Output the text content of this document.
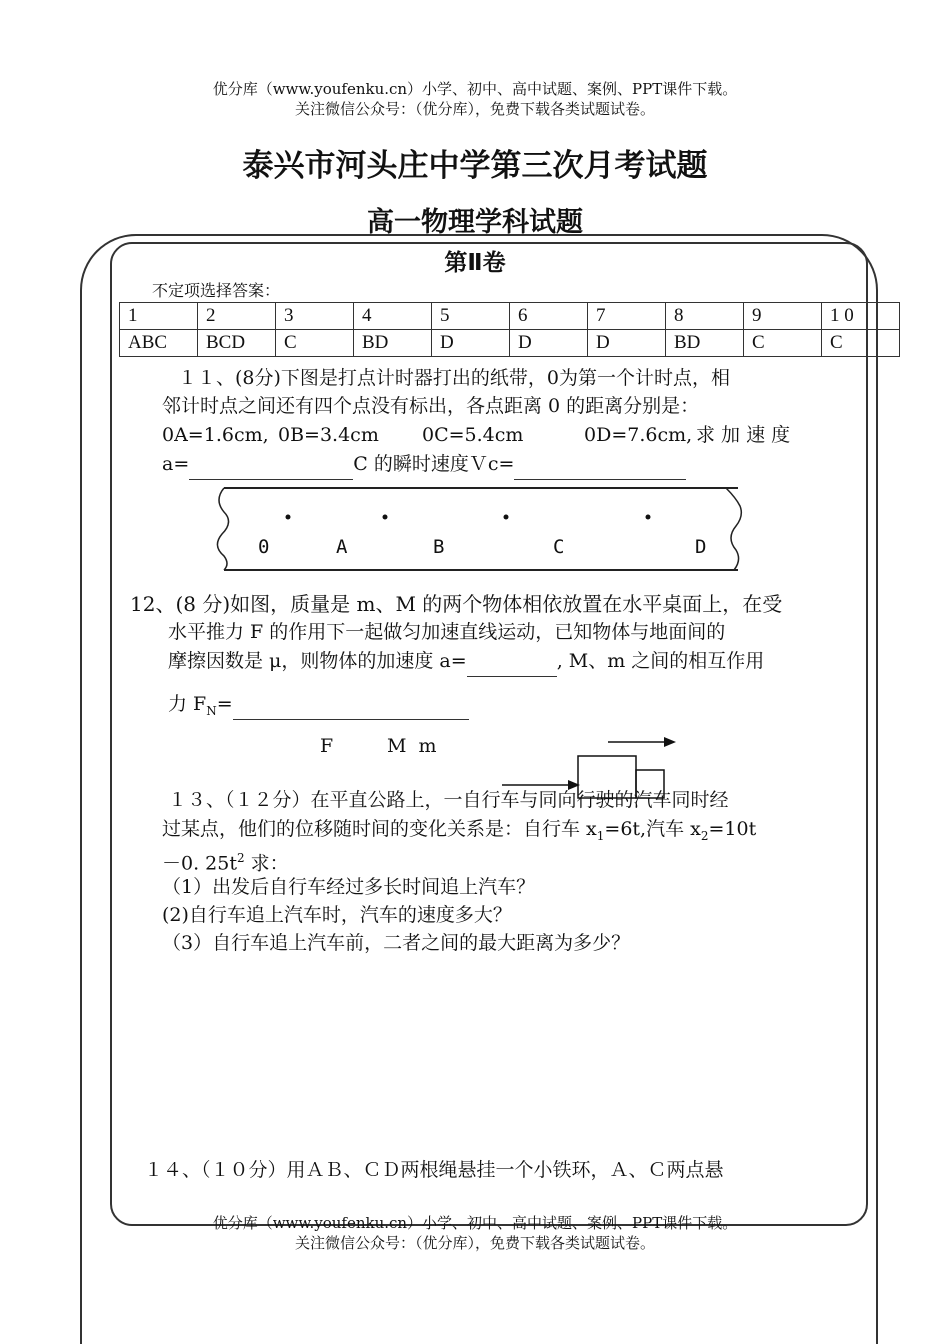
优分库（www.youfenku.cn）小学、初中、高中试题、案例、PPT课件下载。
关注微信公众号：（优分库），免费下载各类试题试卷。
泰兴市河头庄中学第三次月考试题
高一物理学科试题
第Ⅱ卷
不定项选择答案：
1	2	3	4	5	6	7	8	9	1 0
ABC	BCD	C	BD	D	D	D	BD	C	C
１１、(8分)下图是打点计时器打出的纸带，0为第一个计时点，相
邻计时点之间还有四个点没有标出，各点距离 0 的距离分别是：
0A=1.6cm, 0B=3.4cm 0C=5.4cm	0D=7.6cm, 求 加 速 度
a=	C 的瞬时速度Ｖc=
0	A	B	C	D
12、(8 分)如图，质量是 m、M 的两个物体相依放置在水平桌面上，在受
水平推力 F 的作用下一起做匀加速直线运动，已知物体与地面间的
摩擦因数是 μ，则物体的加速度 a=	, M、m 之间的相互作用
力 $F_N=$
F	M  m
１３、（１２分）在平直公路上，一自行车与同向行驶的汽车同时经
过某点，他们的位移随时间的变化关系是：自行车 $x_1=6t$,汽车 $x_2=10t$
－0. $25t^2$ 求：
（1）出发后自行车经过多长时间追上汽车？
(2)自行车追上汽车时，汽车的速度多大？
（3）自行车追上汽车前，二者之间的最大距离为多少？
１４、（１０分）用ＡＢ、ＣＤ两根绳悬挂一个小铁环，Ａ、Ｃ两点悬
优分库（www.youfenku.cn）小学、初中、高中试题、案例、PPT课件下载。
关注微信公众号：（优分库），免费下载各类试题试卷。
